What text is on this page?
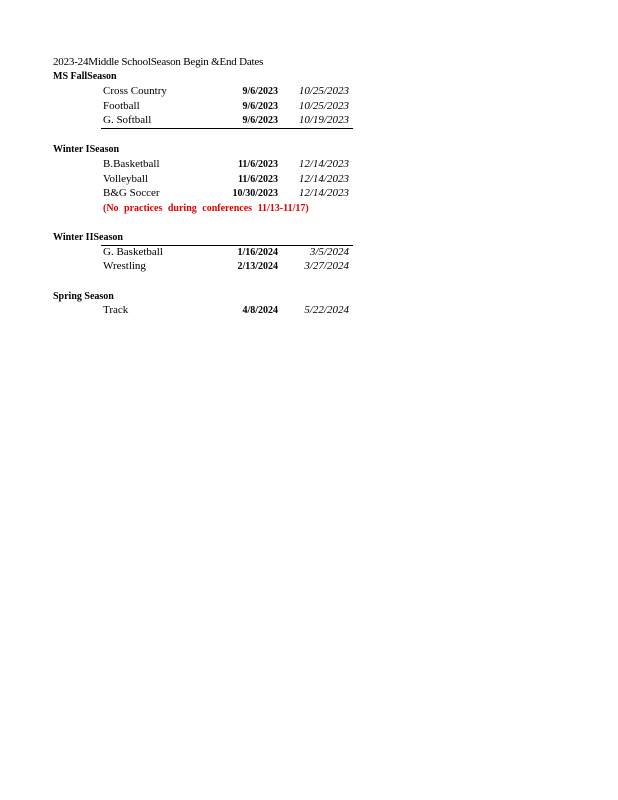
2023-24Middle SchoolSeason Begin &End Dates
MS FallSeason
Cross Country	9/6/2023 10/25/2023
Football	9/6/2023 10/25/2023
G. Softball	9/6/2023 10/19/2023
Winter ISeason
B.Basketball	11/6/2023 12/14/2023
Volleyball	11/6/2023 12/14/2023
B&G Soccer	10/30/2023 12/14/2023
(No practices during conferences 11/13-11/17)
Winter IISeason
G. Basketball	1/16/2024	3/5/2024
Wrestling	2/13/2024 3/27/2024
Spring Season
Track	4/8/2024 5/22/2024
